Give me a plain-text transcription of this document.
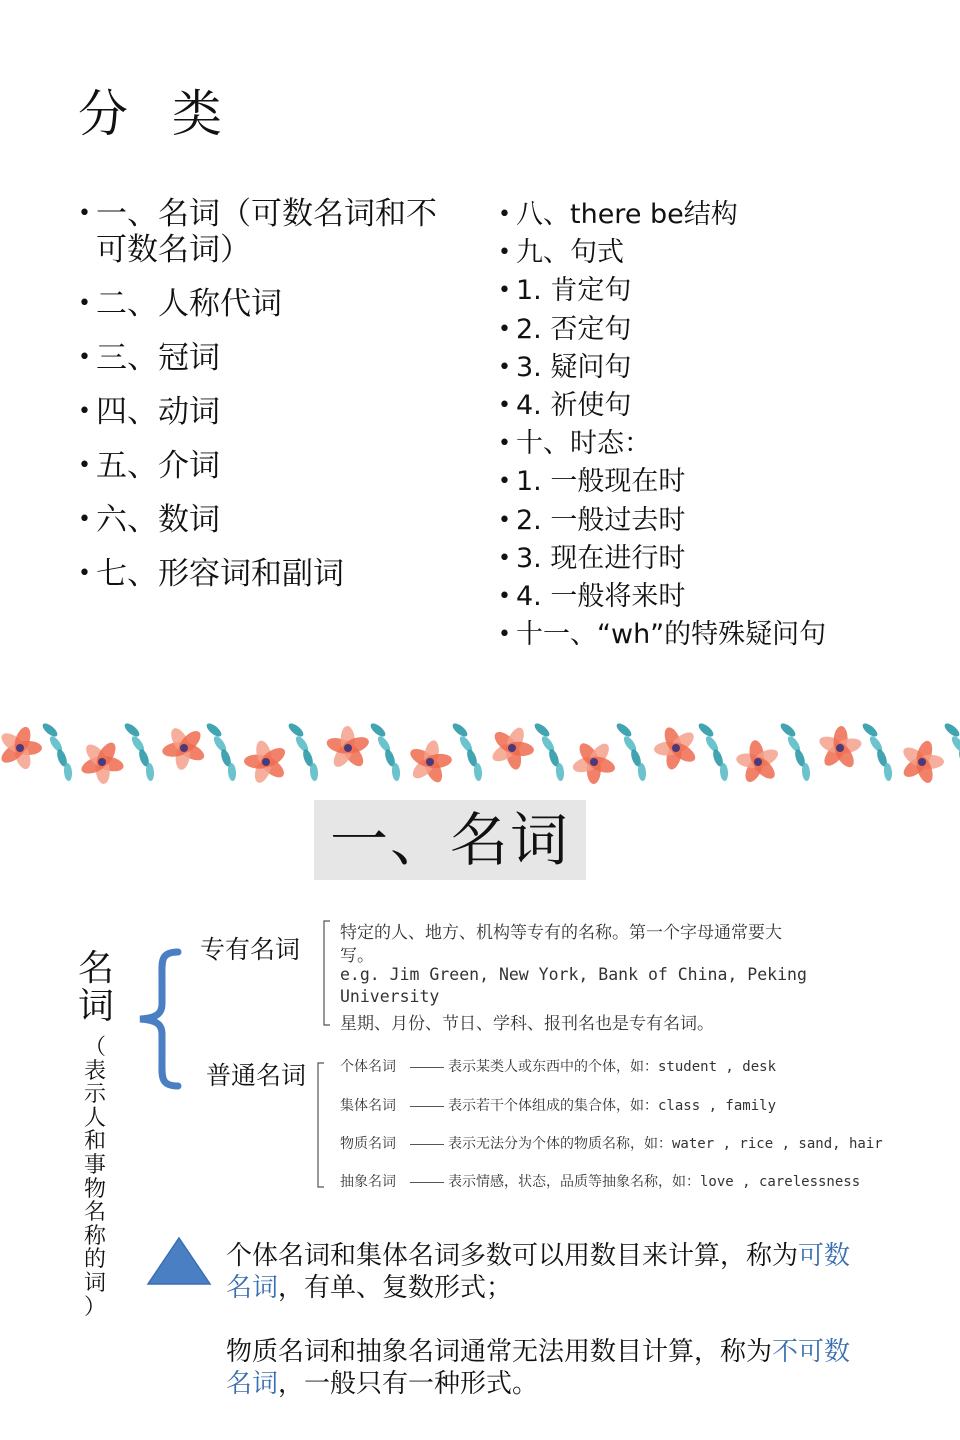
分 类
• 一、名词（可数名词和不
可数名词）
• 二、人称代词
• 三、冠词
• 四、动词
• 五、介词
• 六、数词
• 七、形容词和副词
• 八、there be结构
• 九、句式
• 1. 肯定句
• 2. 否定句
• 3. 疑问句
• 4. 祈使句
• 十、时态：
• 1. 一般现在时
• 2. 一般过去时
• 3. 现在进行时
• 4. 一般将来时
• 十一、“wh”的特殊疑问句
一、名词
名
词
（
表
示
人
和
事
物
名
称
的
词
）
专有名词
特定的人、地方、机构等专有的名称。第一个字母通常要大
写。
e.g. Jim Green, New York, Bank of China, Peking
University
星期、月份、节日、学科、报刊名也是专有名词。
普通名词 个体名词	表示某类人或东西中的个体，如：student , desk
集体名词	表示若干个体组成的集合体，如：class , family
物质名词	表示无法分为个体的物质名称，如：water , rice , sand, hair
抽象名词	表示情感，状态，品质等抽象名称，如：love , carelessness
个体名词和集体名词多数可以用数目来计算，称为可数
名词，有单、复数形式；
物质名词和抽象名词通常无法用数目计算，称为不可数
名词，一般只有一种形式。
